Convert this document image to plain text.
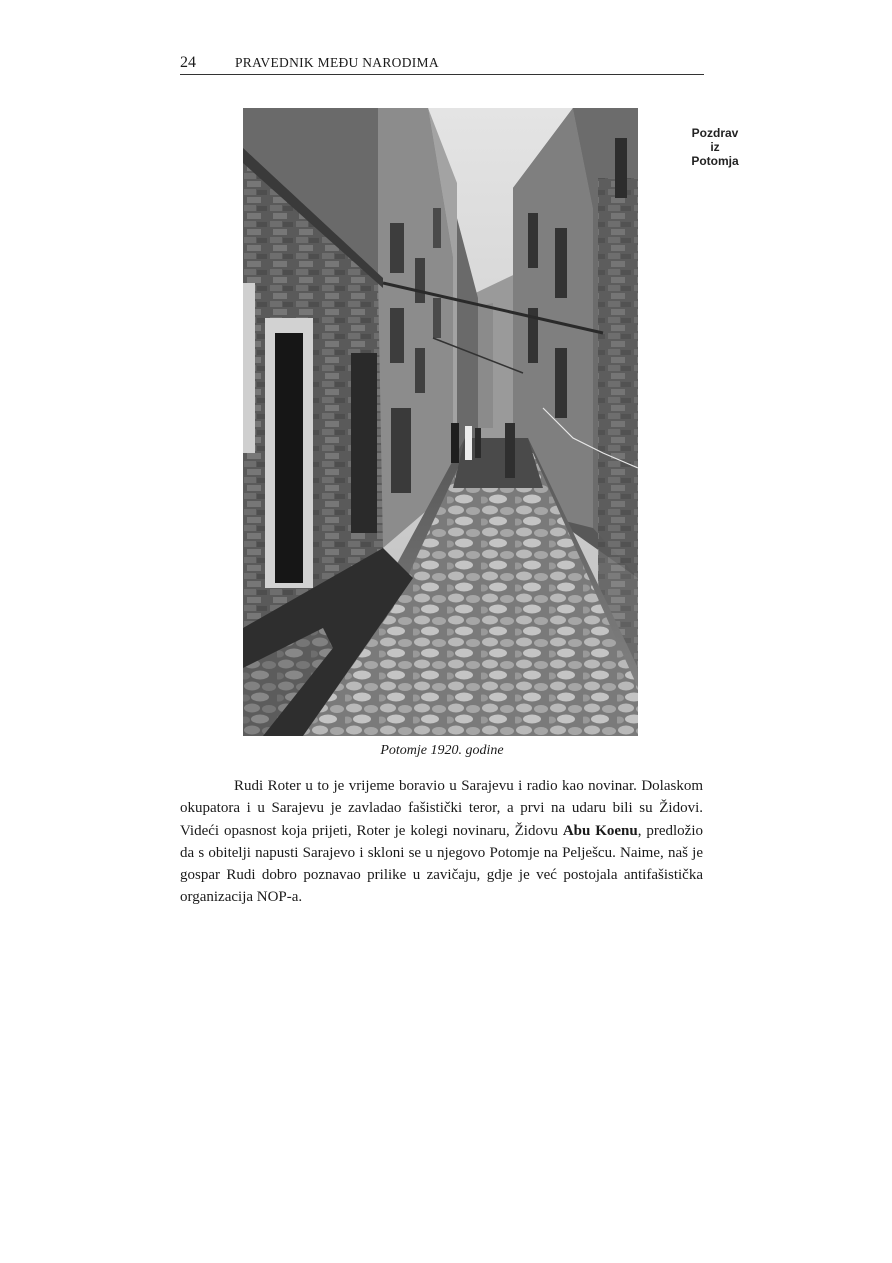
24	PRAVEDNIK MEĐU NARODIMA
Pozdrav
iz
Potomja
Potomje 1920. godine

Rudi Roter u to je vrijeme boravio u Sarajevu i radio kao novinar. Dolaskom okupatora i u Sarajevu je zavladao fašistički teror, a prvi na udaru bili su Židovi. Videći opasnost koja prijeti, Roter je kolegi novinaru, Židovu Abu Koenu, predložio da s obitelji napusti Sarajevo i skloni se u njegovo Potomje na Pelješcu. Naime, naš je gospar Rudi dobro poznavao prilike u zavičaju, gdje je već postojala antifašistička organizacija NOP-a.
